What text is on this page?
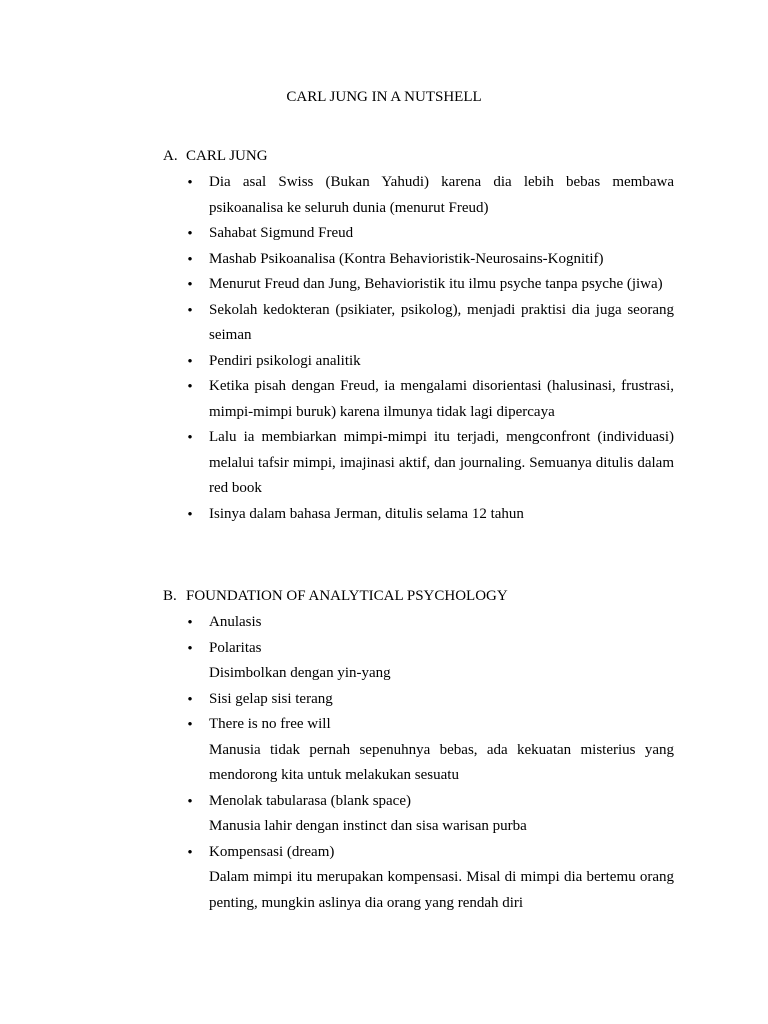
CARL JUNG IN A NUTSHELL

A. CARL JUNG

• Dia asal Swiss (Bukan Yahudi) karena dia lebih bebas membawa psikoanalisa ke seluruh dunia (menurut Freud)
• Sahabat Sigmund Freud
• Mashab Psikoanalisa (Kontra Behavioristik-Neurosains-Kognitif)
• Menurut Freud dan Jung, Behavioristik itu ilmu psyche tanpa psyche (jiwa)
• Sekolah kedokteran (psikiater, psikolog), menjadi praktisi dia juga seorang seiman
• Pendiri psikologi analitik
• Ketika pisah dengan Freud, ia mengalami disorientasi (halusinasi, frustrasi, mimpi-mimpi buruk) karena ilmunya tidak lagi dipercaya
• Lalu ia membiarkan mimpi-mimpi itu terjadi, mengconfront (individuasi) melalui tafsir mimpi, imajinasi aktif, dan journaling. Semuanya ditulis dalam red book
• Isinya dalam bahasa Jerman, ditulis selama 12 tahun

B. FOUNDATION OF ANALYTICAL PSYCHOLOGY

• Anulasis
• Polaritas
Disimbolkan dengan yin-yang
• Sisi gelap sisi terang
• There is no free will
Manusia tidak pernah sepenuhnya bebas, ada kekuatan misterius yang mendorong kita untuk melakukan sesuatu
• Menolak tabularasa (blank space)
Manusia lahir dengan instinct dan sisa warisan purba
• Kompensasi (dream)
Dalam mimpi itu merupakan kompensasi. Misal di mimpi dia bertemu orang penting, mungkin aslinya dia orang yang rendah diri
